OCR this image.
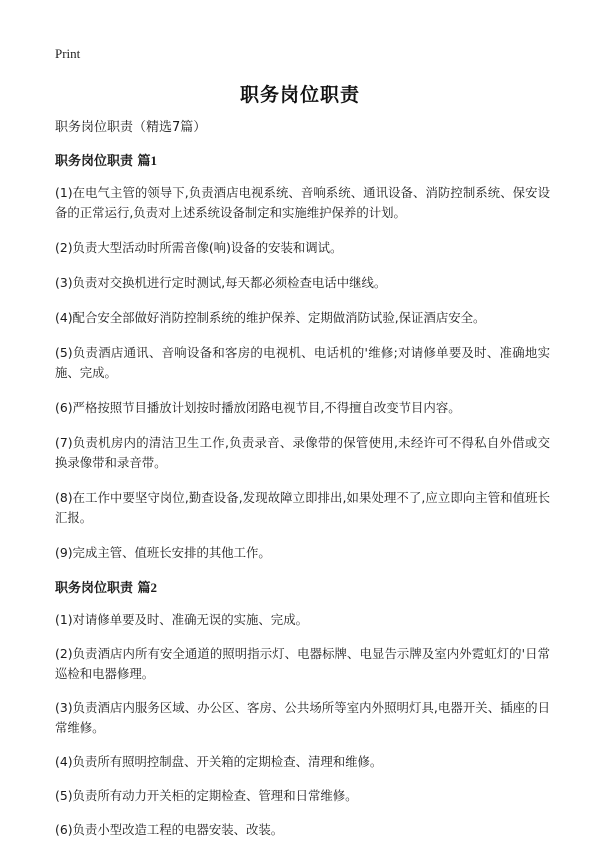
Print
职务岗位职责
职务岗位职责（精选7篇）
职务岗位职责 篇1
(1)在电气主管的领导下,负责酒店电视系统、音响系统、通讯设备、消防控制系统、保安设备的正常运行,负责对上述系统设备制定和实施维护保养的计划。
(2)负责大型活动时所需音像(响)设备的安装和调试。
(3)负责对交换机进行定时测试,每天都必须检查电话中继线。
(4)配合安全部做好消防控制系统的维护保养、定期做消防试验,保证酒店安全。
(5)负责酒店通讯、音响设备和客房的电视机、电话机的'维修;对请修单要及时、准确地实施、完成。
(6)严格按照节目播放计划按时播放闭路电视节目,不得擅自改变节目内容。
(7)负责机房内的清洁卫生工作,负责录音、录像带的保管使用,未经许可不得私自外借或交换录像带和录音带。
(8)在工作中要坚守岗位,勤查设备,发现故障立即排出,如果处理不了,应立即向主管和值班长汇报。
(9)完成主管、值班长安排的其他工作。
职务岗位职责 篇2
(1)对请修单要及时、准确无误的实施、完成。
(2)负责酒店内所有安全通道的照明指示灯、电器标牌、电显告示牌及室内外霓虹灯的'日常巡检和电器修理。
(3)负责酒店内服务区域、办公区、客房、公共场所等室内外照明灯具,电器开关、插座的日常维修。
(4)负责所有照明控制盘、开关箱的定期检查、清理和维修。
(5)负责所有动力开关柜的定期检查、管理和日常维修。
(6)负责小型改造工程的电器安装、改装。
